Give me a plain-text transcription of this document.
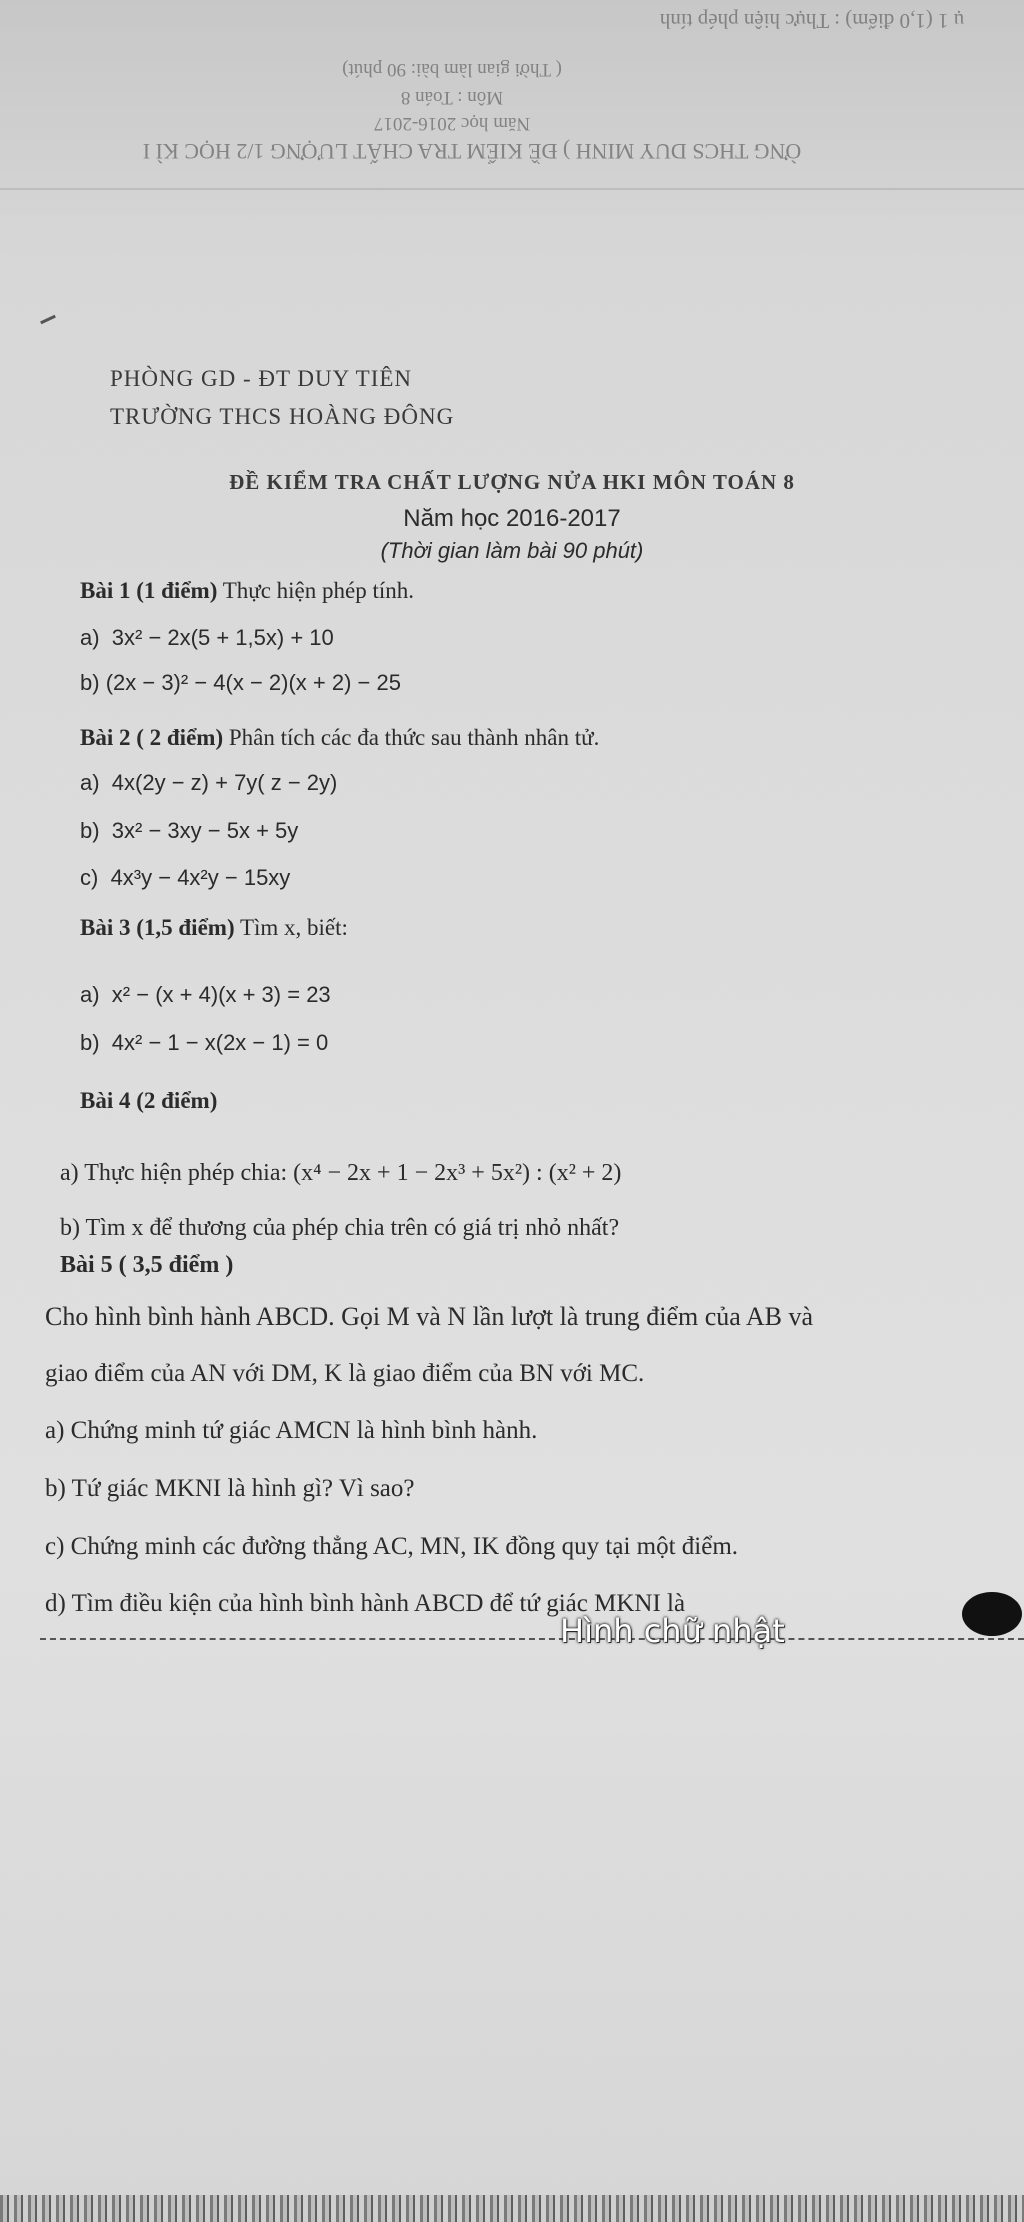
ụ 1 (1,0 điểm) : Thực hiện phép tính
( Thời gian làm bài: 90 phút)
Môn : Toán 8
Năm học 2016-2017
ỜNG THCS DUY MINH ) ĐỀ KIỂM TRA CHẤT LƯỢNG 1/2 HỌC KÌ I
PHÒNG GD - ĐT DUY TIÊN
TRƯỜNG THCS HOÀNG ĐÔNG
ĐỀ KIỂM TRA CHẤT LƯỢNG NỬA HKI MÔN TOÁN 8
Năm học 2016-2017
(Thời gian làm bài 90 phút)
Bài 1 (1 điểm) Thực hiện phép tính.
a) 3x² − 2x(5 + 1,5x) + 10
b) (2x − 3)² − 4(x − 2)(x + 2) − 25
Bài 2 ( 2 điểm) Phân tích các đa thức sau thành nhân tử.
a) 4x(2y − z) + 7y( z − 2y)
b) 3x² − 3xy − 5x + 5y
c) 4x³y − 4x²y − 15xy
Bài 3 (1,5 điểm) Tìm x, biết:
a) x² − (x + 4)(x + 3) = 23
b) 4x² − 1 − x(2x − 1) = 0
Bài 4 (2 điểm)
a) Thực hiện phép chia: (x⁴ − 2x + 1 − 2x³ + 5x²) : (x² + 2)
b) Tìm x để thương của phép chia trên có giá trị nhỏ nhất?
Bài 5 ( 3,5 điểm )
Cho hình bình hành ABCD. Gọi M và N lần lượt là trung điểm của AB và
giao điểm của AN với DM, K là giao điểm của BN với MC.
a) Chứng minh tứ giác AMCN là hình bình hành.
b) Tứ giác MKNI là hình gì? Vì sao?
c) Chứng minh các đường thẳng AC, MN, IK đồng quy tại một điểm.
d) Tìm điều kiện của hình bình hành ABCD để tứ giác MKNI là
Hình chữ nhật
